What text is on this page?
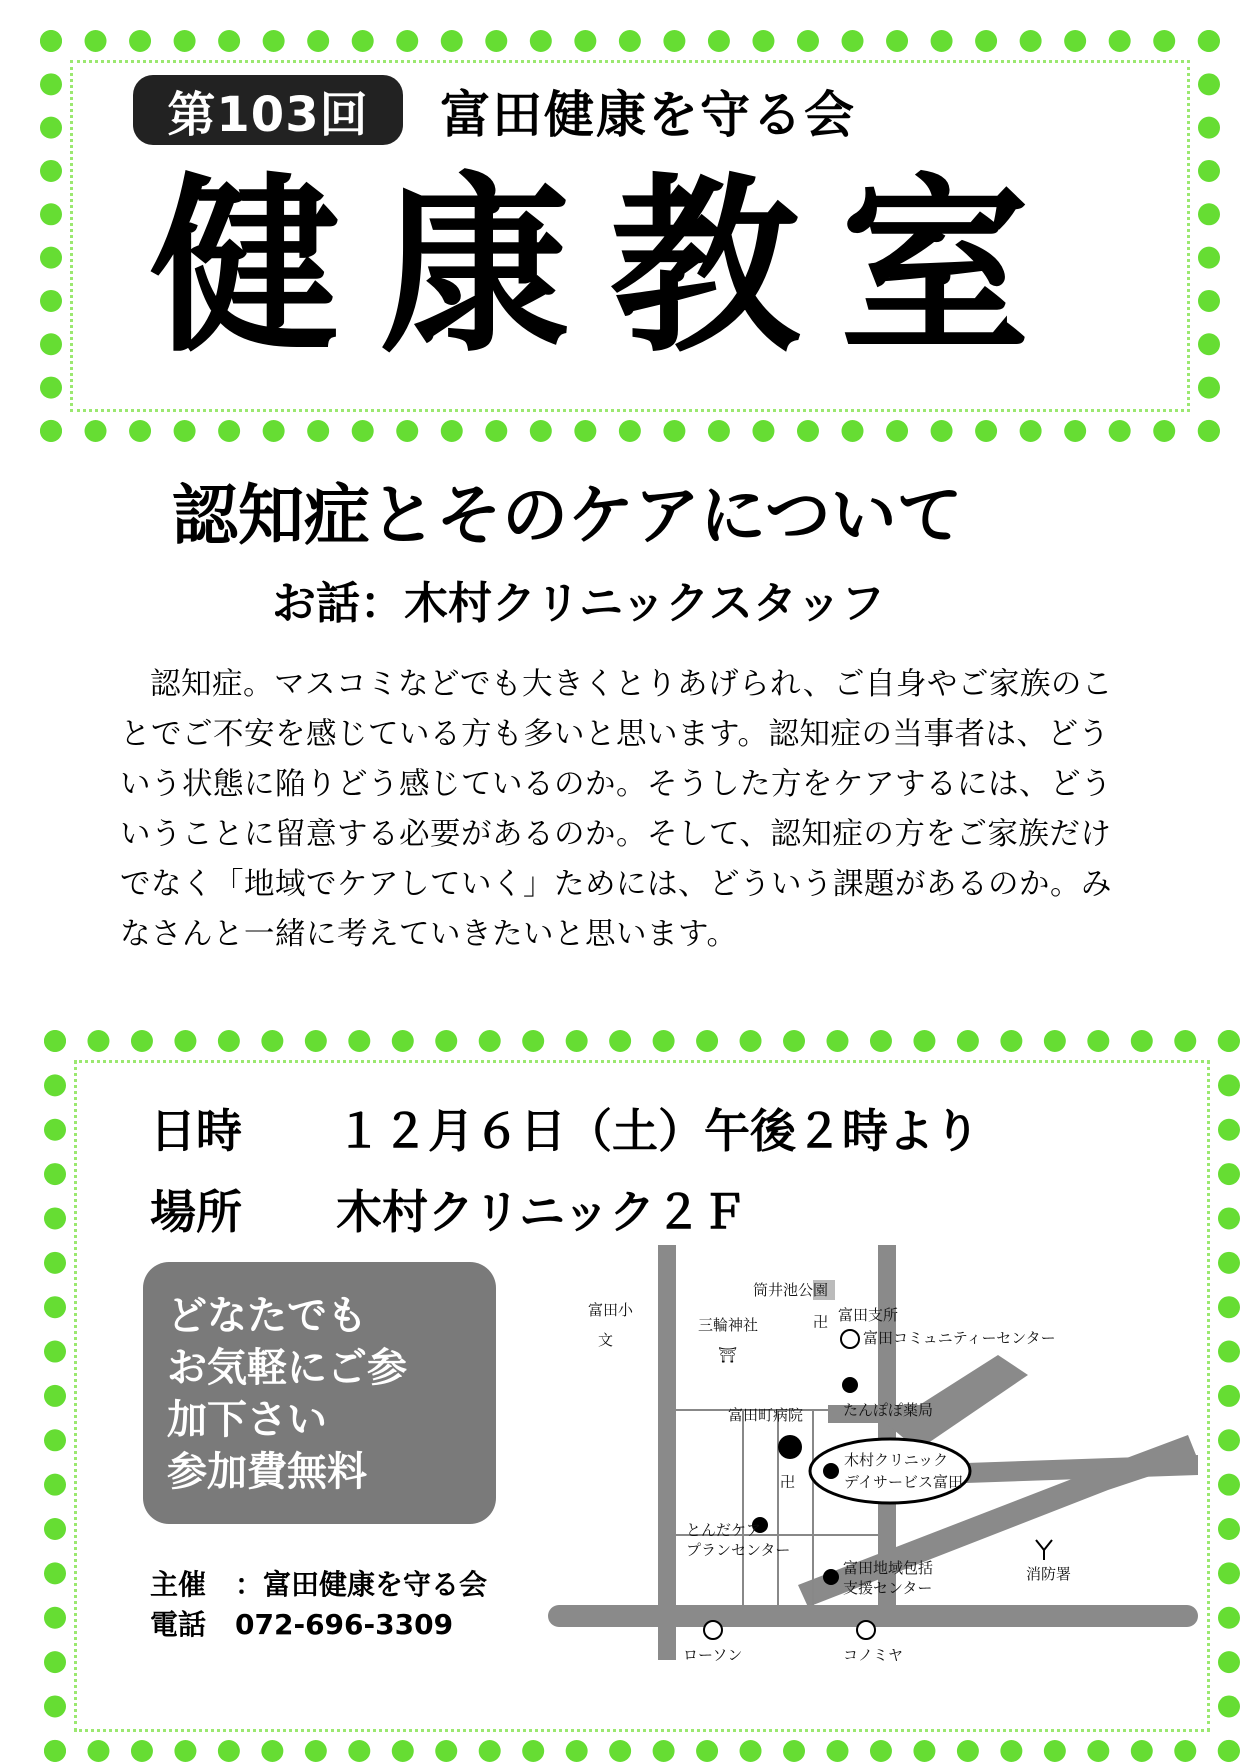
第103回	富田健康を守る会
健康教室
認知症とそのケアについて
お話：木村クリニックスタッフ
認知症。マスコミなどでも大きくとりあげられ、ご自身やご家族のことでご不安を感じている方も多いと思います。認知症の当事者は、どういう状態に陥りどう感じているのか。そうした方をケアするには、どういうことに留意する必要があるのか。そして、認知症の方をご家族だけでなく「地域でケアしていく」ためには、どういう課題があるのか。みなさんと一緒に考えていきたいと思います。
日時 １２月６日（土）午後２時より
場所 木村クリニック２Ｆ
どなたでも
お気軽にご参
加下さい
参加費無料
主催 ：富田健康を守る会
電話 072-696-3309
富田小
文
三輪神社
⛩
筒井池公園
卍 富田支所
富田コミュニティーセンター
たんぽぽ薬局
富田町病院
卍
木村クリニック
デイサービス富田
とんだケア
プランセンター
富田地域包括
支援センター
消防署
ローソン	コノミヤ
